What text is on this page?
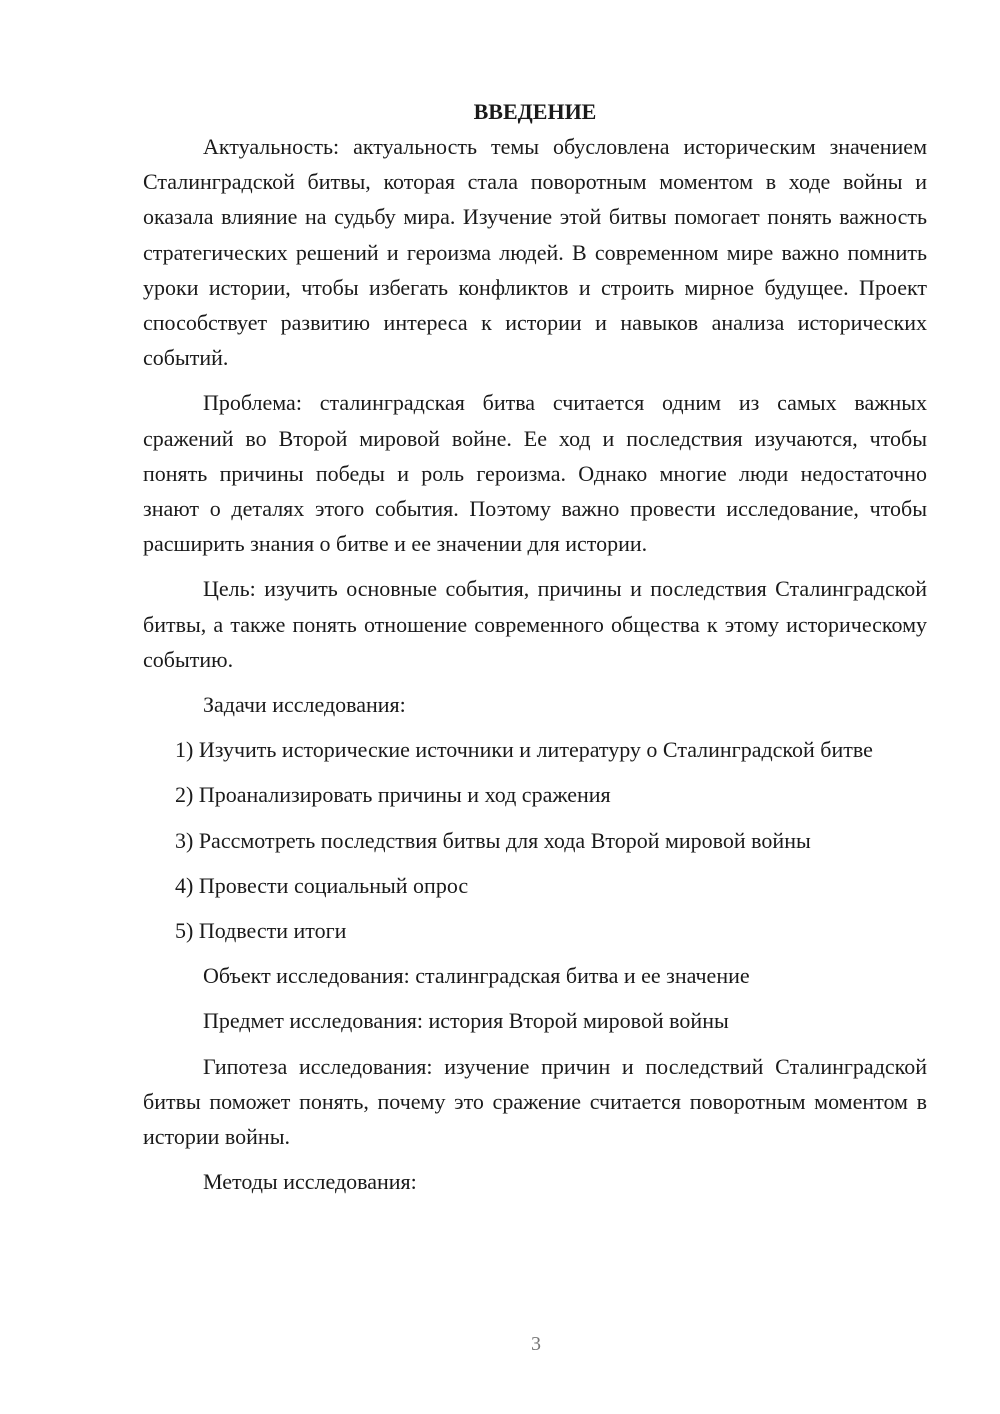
ВВЕДЕНИЕ

Актуальность: актуальность темы обусловлена историческим значением Сталинградской битвы, которая стала поворотным моментом в ходе войны и оказала влияние на судьбу мира. Изучение этой битвы помогает понять важность стратегических решений и героизма людей. В современном мире важно помнить уроки истории, чтобы избегать конфликтов и строить мирное будущее. Проект способствует развитию интереса к истории и навыков анализа исторических событий.

Проблема: сталинградская битва считается одним из самых важных сражений во Второй мировой войне. Ее ход и последствия изучаются, чтобы понять причины победы и роль героизма. Однако многие люди недостаточно знают о деталях этого события. Поэтому важно провести исследование, чтобы расширить знания о битве и ее значении для истории.

Цель: изучить основные события, причины и последствия Сталинградской битвы, а также понять отношение современного общества к этому историческому событию.

Задачи исследования:

1) Изучить исторические источники и литературу о Сталинградской битве

2) Проанализировать причины и ход сражения

3) Рассмотреть последствия битвы для хода Второй мировой войны

4) Провести социальный опрос

5) Подвести итоги

Объект исследования: сталинградская битва и ее значение

Предмет исследования: история Второй мировой войны

Гипотеза исследования: изучение причин и последствий Сталинградской битвы поможет понять, почему это сражение считается поворотным моментом в истории войны.

Методы исследования:

3
